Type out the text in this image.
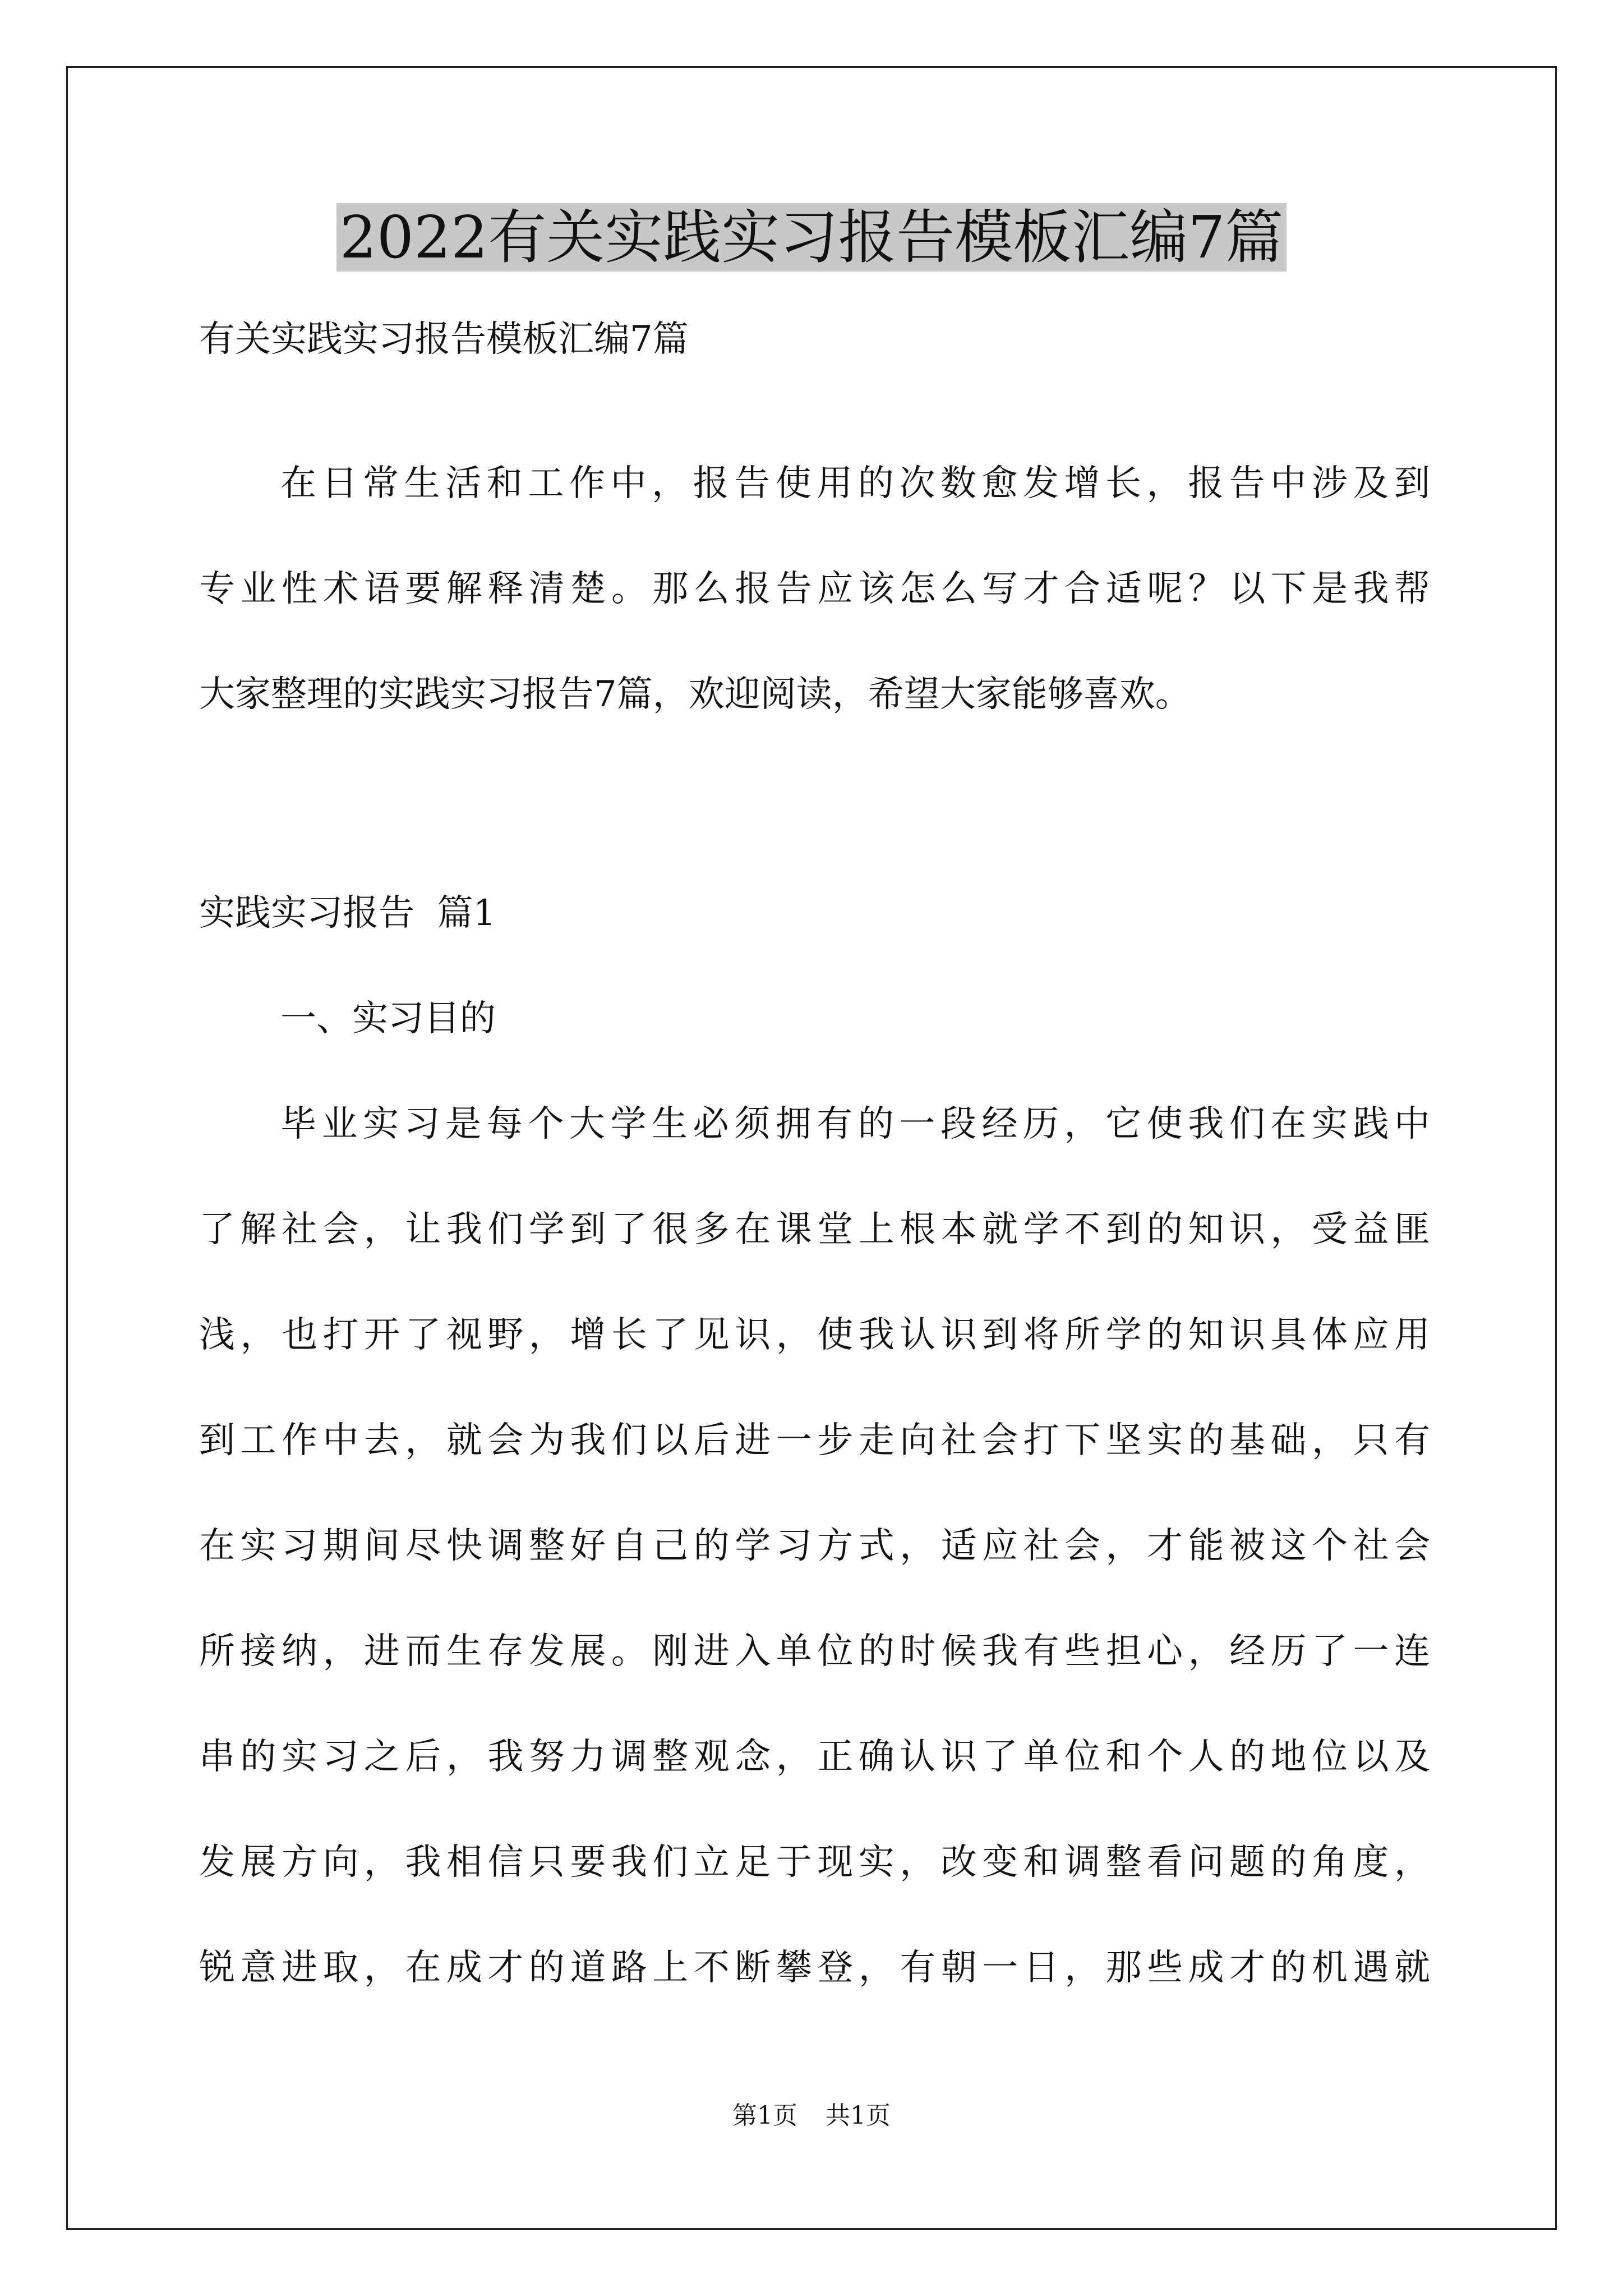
2022有关实践实习报告模板汇编7篇

有关实践实习报告模板汇编7篇

在日常生活和工作中，报告使用的次数愈发增长，报告中涉及到

专业性术语要解释清楚。那么报告应该怎么写才合适呢？以下是我帮

大家整理的实践实习报告7篇，欢迎阅读，希望大家能够喜欢。

实践实习报告  篇1

一、实习目的

毕业实习是每个大学生必须拥有的一段经历，它使我们在实践中

了解社会，让我们学到了很多在课堂上根本就学不到的知识，受益匪

浅，也打开了视野，增长了见识，使我认识到将所学的知识具体应用

到工作中去，就会为我们以后进一步走向社会打下坚实的基础，只有

在实习期间尽快调整好自己的学习方式，适应社会，才能被这个社会

所接纳，进而生存发展。刚进入单位的时候我有些担心，经历了一连

串的实习之后，我努力调整观念，正确认识了单位和个人的地位以及

发展方向，我相信只要我们立足于现实，改变和调整看问题的角度，

锐意进取，在成才的道路上不断攀登，有朝一日，那些成才的机遇就

第1页 共1页
